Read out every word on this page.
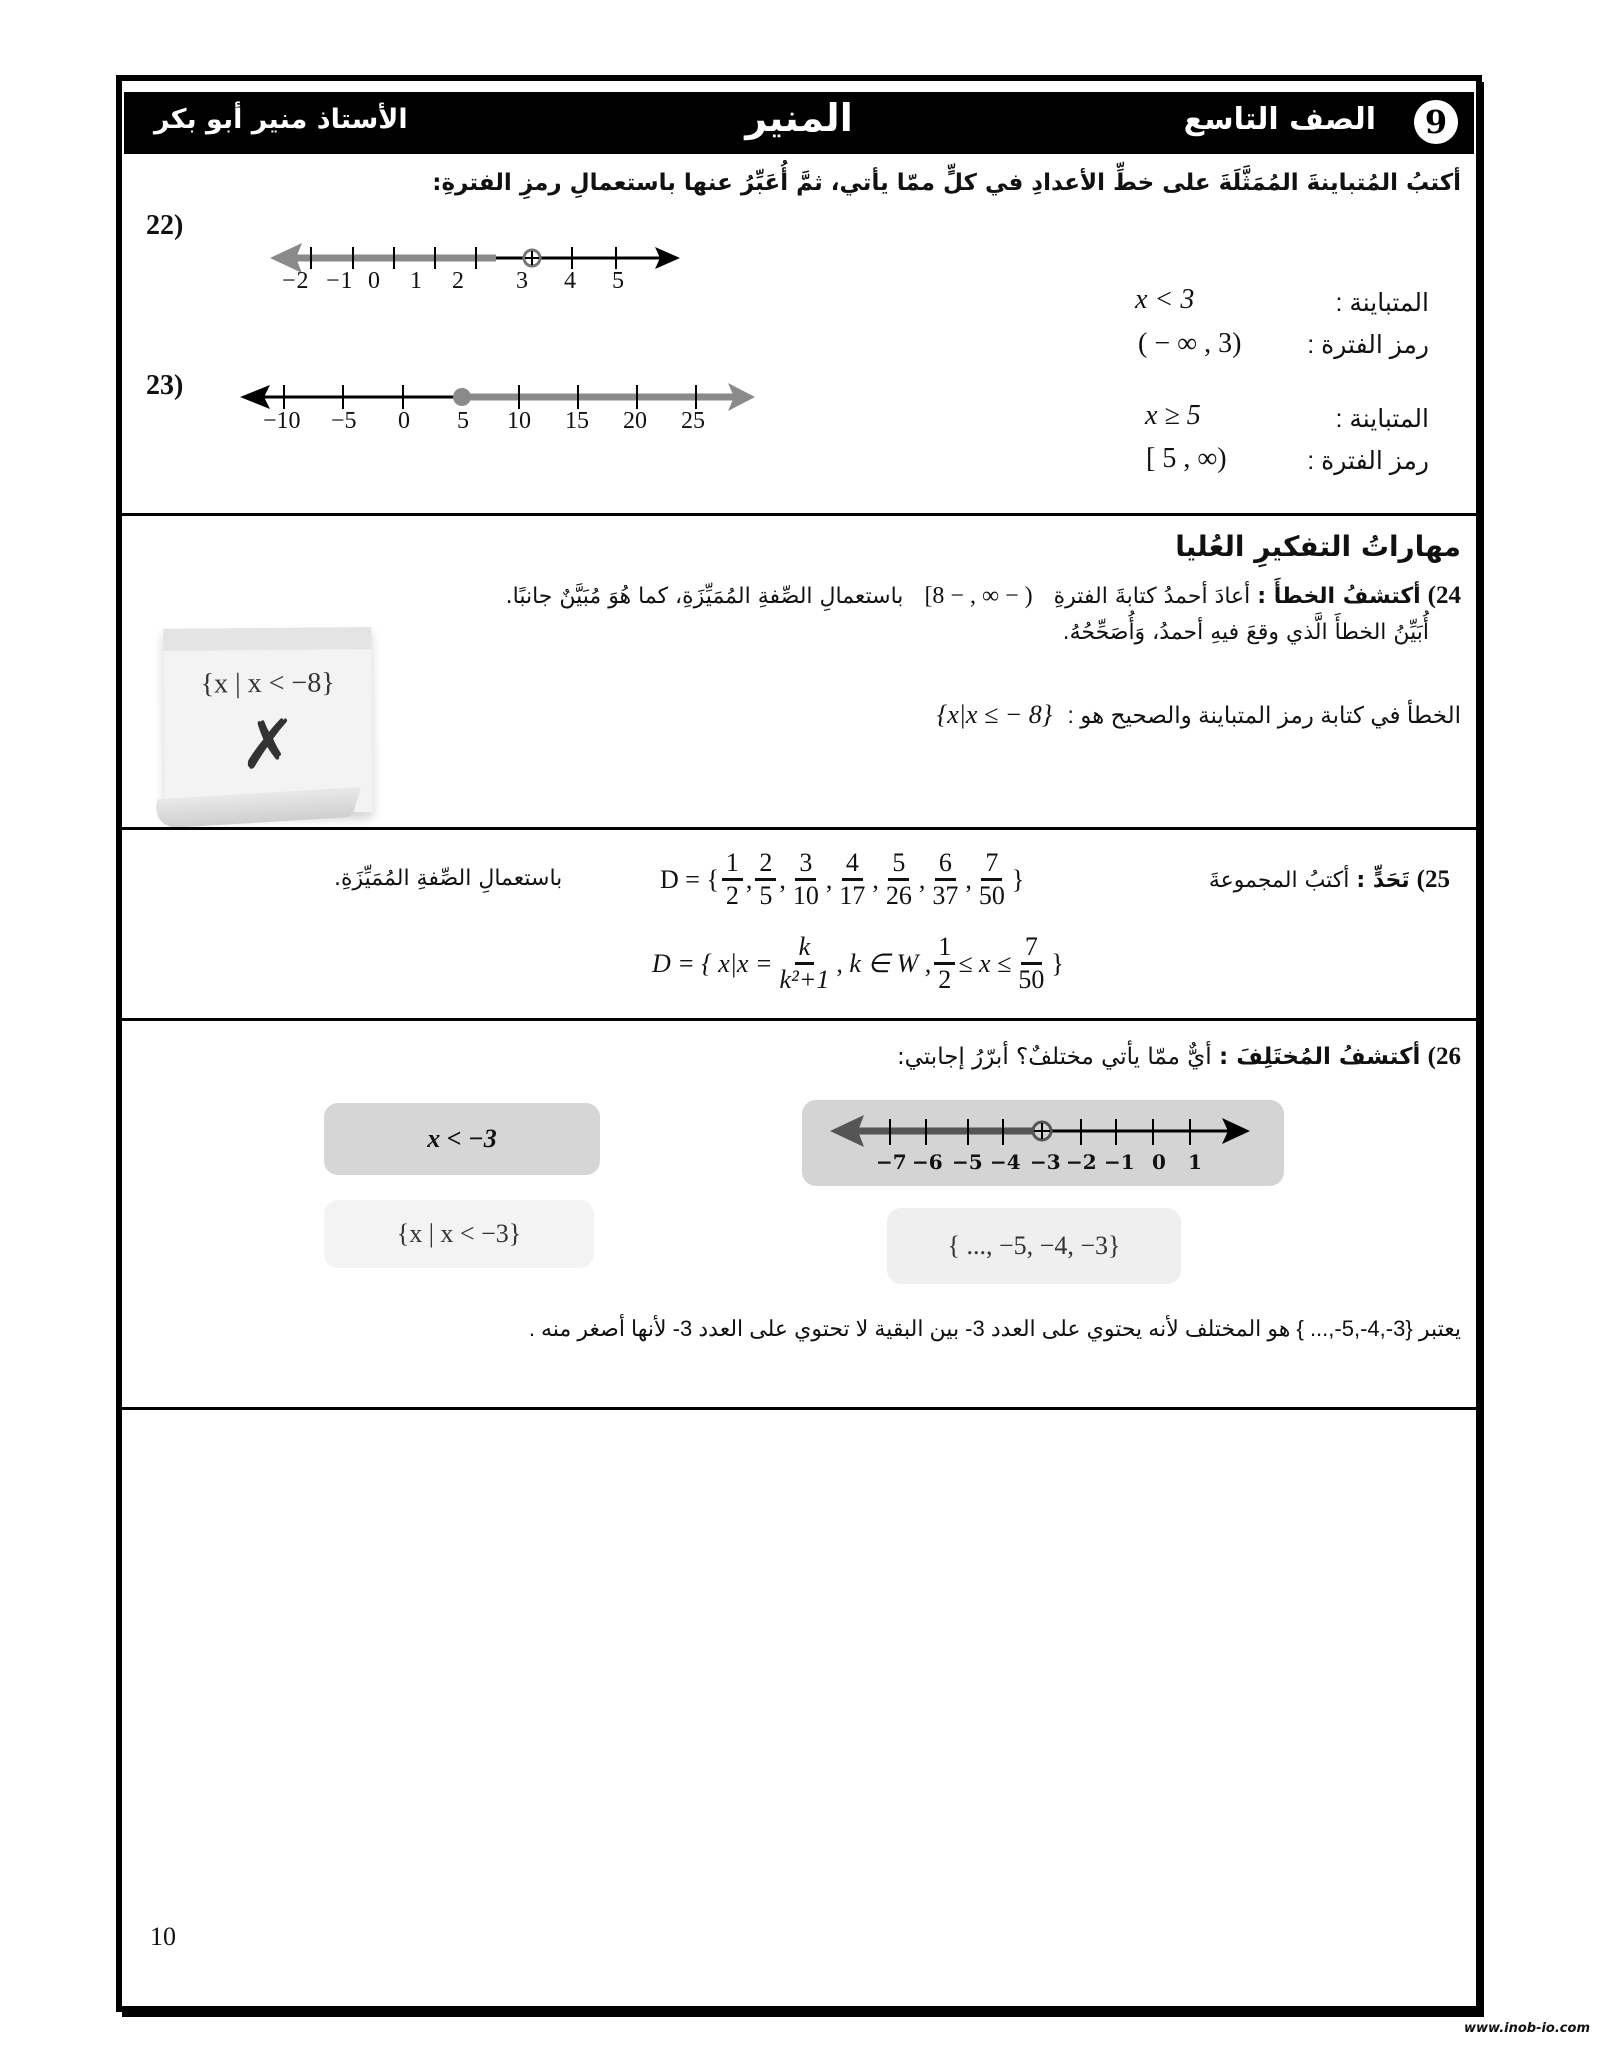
9
الصف التاسع
المنير
الأستاذ منير أبو بكر
أكتبُ المُتباينةَ المُمَثَّلَةَ على خطِّ الأعدادِ في كلٍّ ممّا يأتي، ثمَّ أُعَبِّرُ عنها باستعمالِ رمزِ الفترةِ:
22)
−2 −1 0 1 2 3 4 5
المتباينة :
x < 3
رمز الفترة :
( − ∞ , 3)
23)
−10 −5 0 5 10 15 20 25	المتباينة :
x ≥ 5
رمز الفترة :
[ 5 , ∞)
مهاراتُ التفكيرِ العُليا
24) أكتشفُ الخطأَ : أعادَ أحمدُ كتابةَ الفترةِ [8 − , ∞ − ) باستعمالِ الصِّفةِ المُمَيِّزَةِ، كما هُوَ مُبَيَّنٌ جانبًا.
أُبَيِّنُ الخطأَ الَّذي وقعَ فيهِ أحمدُ، وَأُصَحِّحُهُ.
{x | x < −8}
✗	الخطأ في كتابة رمز المتباينة والصحيح هو : {x|x ≤ − 8}
25) تَحَدٍّ : أكتبُ المجموعةَ
D = { $\frac{1}{2}$ , $\frac{2}{5}$ , $\frac{3}{10}$ , $\frac{4}{17}$ , $\frac{5}{26}$ , $\frac{6}{37}$ , $\frac{7}{50}$ }
باستعمالِ الصِّفةِ المُمَيِّزَةِ.
D = { $x|x = \frac{k}{\text{k²+1}}$ , k ∈ W , $\frac{1}{2} \le x \le \frac{7}{50}$ }
26) أكتشفُ المُختَلِفَ : أيٌّ ممّا يأتي مختلفٌ؟ أبرّرُ إجابتي:
x < −3
{x | x < −3}
−7 −6 −5 −4 −3 −2 −1 0 1
{ ..., −5, −4, −3}
يعتبر {3-,4-,5-,... } هو المختلف لأنه يحتوي على العدد 3- بين البقية لا تحتوي على العدد 3- لأنها أصغر منه .
10
www.inob-io.com
